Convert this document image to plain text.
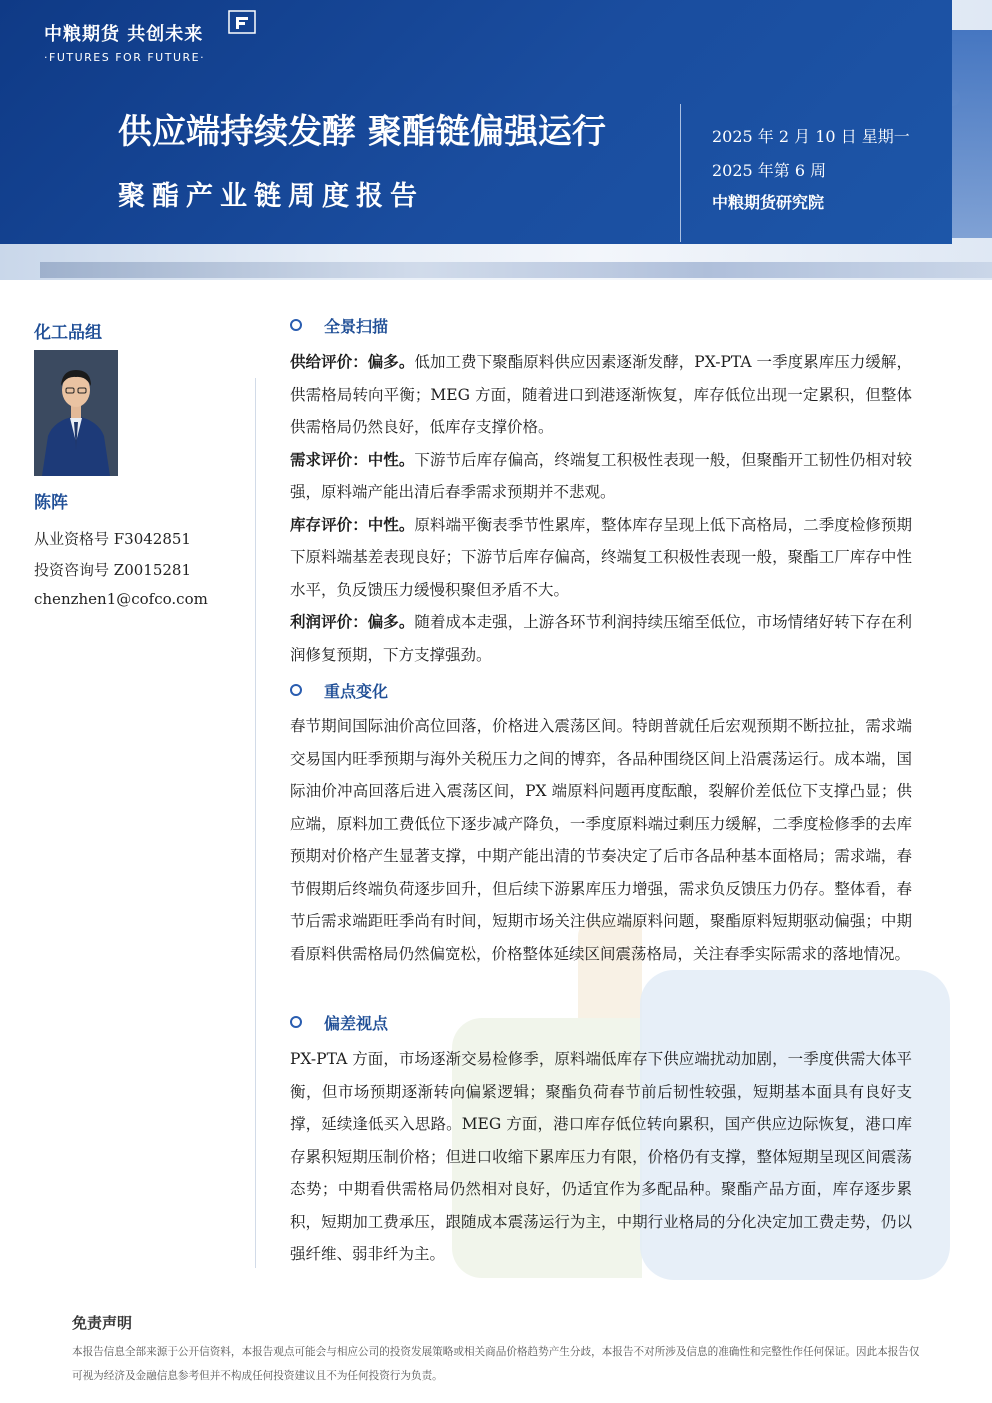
中粮期货 共创未来
·FUTURES FOR FUTURE·
供应端持续发酵 聚酯链偏强运行
聚酯产业链周度报告
2025 年 2 月 10 日 星期一
2025 年第 6 周
中粮期货研究院
化工品组
陈阵
从业资格号 F3042851
投资咨询号 Z0015281
chenzhen1@cofco.com
全景扫描
供给评价：偏多。低加工费下聚酯原料供应因素逐渐发酵，PX-PTA 一季度累库压力缓解，供需格局转向平衡；MEG 方面，随着进口到港逐渐恢复，库存低位出现一定累积，但整体供需格局仍然良好，低库存支撑价格。
需求评价：中性。下游节后库存偏高，终端复工积极性表现一般，但聚酯开工韧性仍相对较强，原料端产能出清后春季需求预期并不悲观。
库存评价：中性。原料端平衡表季节性累库，整体库存呈现上低下高格局，二季度检修预期下原料端基差表现良好；下游节后库存偏高，终端复工积极性表现一般，聚酯工厂库存中性水平，负反馈压力缓慢积聚但矛盾不大。
利润评价：偏多。随着成本走强，上游各环节利润持续压缩至低位，市场情绪好转下存在利润修复预期，下方支撑强劲。
重点变化
春节期间国际油价高位回落，价格进入震荡区间。特朗普就任后宏观预期不断拉扯，需求端交易国内旺季预期与海外关税压力之间的博弈，各品种围绕区间上沿震荡运行。成本端，国际油价冲高回落后进入震荡区间，PX 端原料问题再度酝酿，裂解价差低位下支撑凸显；供应端，原料加工费低位下逐步减产降负，一季度原料端过剩压力缓解，二季度检修季的去库预期对价格产生显著支撑，中期产能出清的节奏决定了后市各品种基本面格局；需求端，春节假期后终端负荷逐步回升，但后续下游累库压力增强，需求负反馈压力仍存。整体看，春节后需求端距旺季尚有时间，短期市场关注供应端原料问题，聚酯原料短期驱动偏强；中期看原料供需格局仍然偏宽松，价格整体延续区间震荡格局，关注春季实际需求的落地情况。
偏差视点
PX-PTA 方面，市场逐渐交易检修季，原料端低库存下供应端扰动加剧，一季度供需大体平衡，但市场预期逐渐转向偏紧逻辑；聚酯负荷春节前后韧性较强，短期基本面具有良好支撑，延续逢低买入思路。MEG 方面，港口库存低位转向累积，国产供应边际恢复，港口库存累积短期压制价格；但进口收缩下累库压力有限，价格仍有支撑，整体短期呈现区间震荡态势；中期看供需格局仍然相对良好，仍适宜作为多配品种。聚酯产品方面，库存逐步累积，短期加工费承压，跟随成本震荡运行为主，中期行业格局的分化决定加工费走势，仍以强纤维、弱非纤为主。
免责声明
本报告信息全部来源于公开信资料，本报告观点可能会与相应公司的投资发展策略或相关商品价格趋势产生分歧，本报告不对所涉及信息的准确性和完整性作任何保证。因此本报告仅可视为经济及金融信息参考但并不构成任何投资建议且不为任何投资行为负责。
